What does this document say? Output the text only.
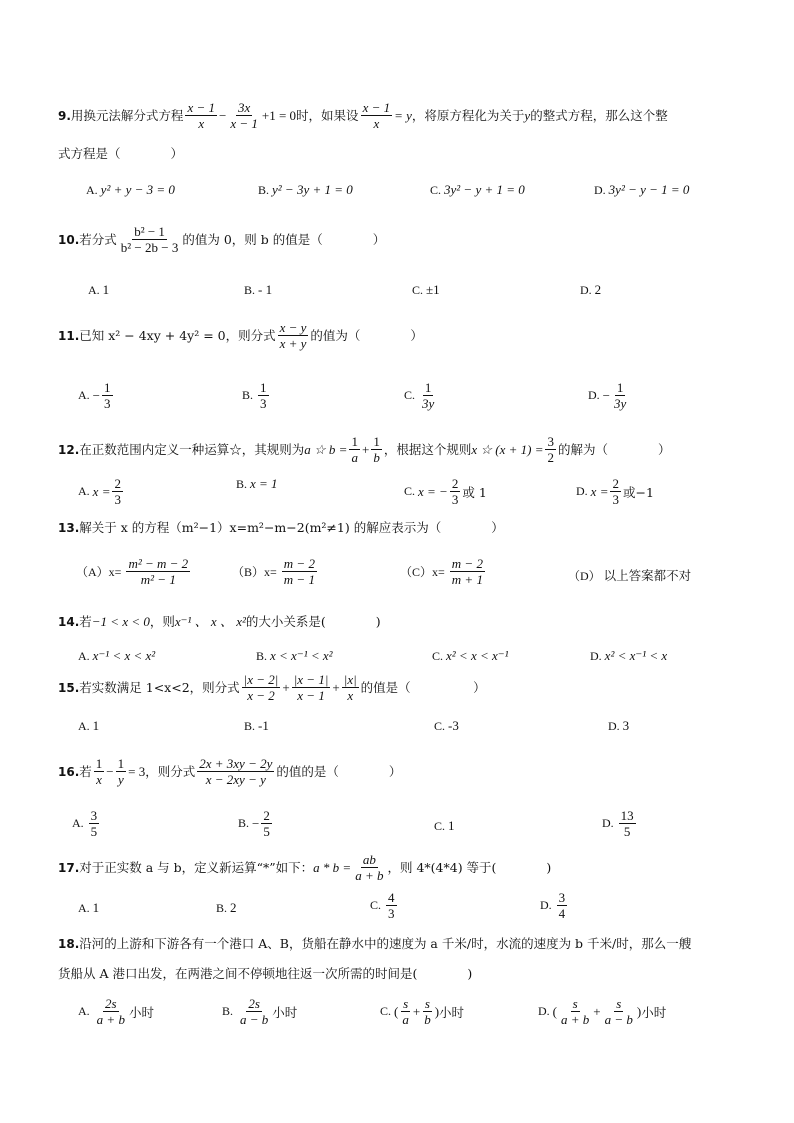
9. 用换元法解分式方程 $\frac{x - 1}{x} - \frac{3x}{x - 1} +1 = 0$ 时，如果设 $\frac{x - 1}{x} = y$ ，将原方程化为关于 y 的整式方程，那么这个整
式方程是（　　　　）
A. y² + y − 3 = 0	B. y² − 3y + 1 = 0	C. 3y² − y + 1 = 0	D. 3y² − y − 1 = 0
10. 若分式 $\frac{\text{b² − 1}}{\text{b² − 2b − 3}}$ 的值为 0，则 b 的值是（　　　　）
A. 1	B. - 1	C. ±1	D. 2
11. 已知 x² − 4xy + 4y² = 0，则分式 $\frac{x - y}{x + y}$ 的值为（　　　　）
A. − $\frac{1}{3}$	B. $\frac{1}{3}$	C. $\frac{1}{3y}$	D. − $\frac{1}{3y}$
12. 在正数范围内定义一种运算☆，其规则为 a ☆ $b = \frac{1}{a} + \frac{1}{b}$ ，根据这个规则 x ☆ $(x + 1) = \frac{3}{2}$ 的解为（　　　　）
A. $x = \frac{2}{3}$	B. x = 1	C. x = − $\frac{2}{3}$ 或 1	D. $x = \frac{2}{3}$ 或−1
13. 解关于 x 的方程（m²−1）x=m²−m−2(m²≠1) 的解应表示为（　　　　）
$(A)x= \frac{\text{m² − m − 2}}{\text{m² − 1}}$	$(B)x= \frac{m - 2}{m - 1}$	$(C)x= \frac{m - 2}{m + 1}$	（D） 以上答案都不对
14. 若 −1 < x < 0 ，则 x⁻¹ 、 x 、 x² 的大小关系是(　　　　)
A. x⁻¹ < x < x²	B. x < x⁻¹ < x²	C. x² < x < x⁻¹	D. x² < x⁻¹ < x
15. 若实数满足 1<x<2，则分式 $\frac{|x - 2|}{x - 2} + \frac{|x - 1|}{x - 1} + \frac{|x|}{x}$ 的值是（　　　　　）
A. 1	B. -1	C. -3	D. 3
16. 若 $\frac{1}{x} - \frac{1}{y} = 3$ ，则分式 $\frac{2x + 3xy - 2y}{x - 2xy - y}$ 的值的是（　　　　）
A. $\frac{3}{5}$	B. − $\frac{2}{5}$	C. 1	D. $\frac{13}{5}$
17. 对于正实数 a 与 b，定义新运算“*”如下： $a * b = \frac{ab}{a + b}$ ，则 4*(4*4) 等于(　　　　)
A. 1	B. 2	C. $\frac{4}{3}$	D. $\frac{3}{4}$
18.沿河的上游和下游各有一个港口 A、B，货船在静水中的速度为 a 千米/时，水流的速度为 b 千米/时，那么一艘
货船从 A 港口出发，在两港之间不停顿地往返一次所需的时间是(　　　　)
A. $\frac{2s}{a + b}$ 小时	B. $\frac{2s}{a - b}$ 小时	C. ( $\frac{s}{a} + \frac{s}{b}$ ) 小时	D. ( $\frac{s}{a + b} + \frac{s}{a - b}$ ) 小时
